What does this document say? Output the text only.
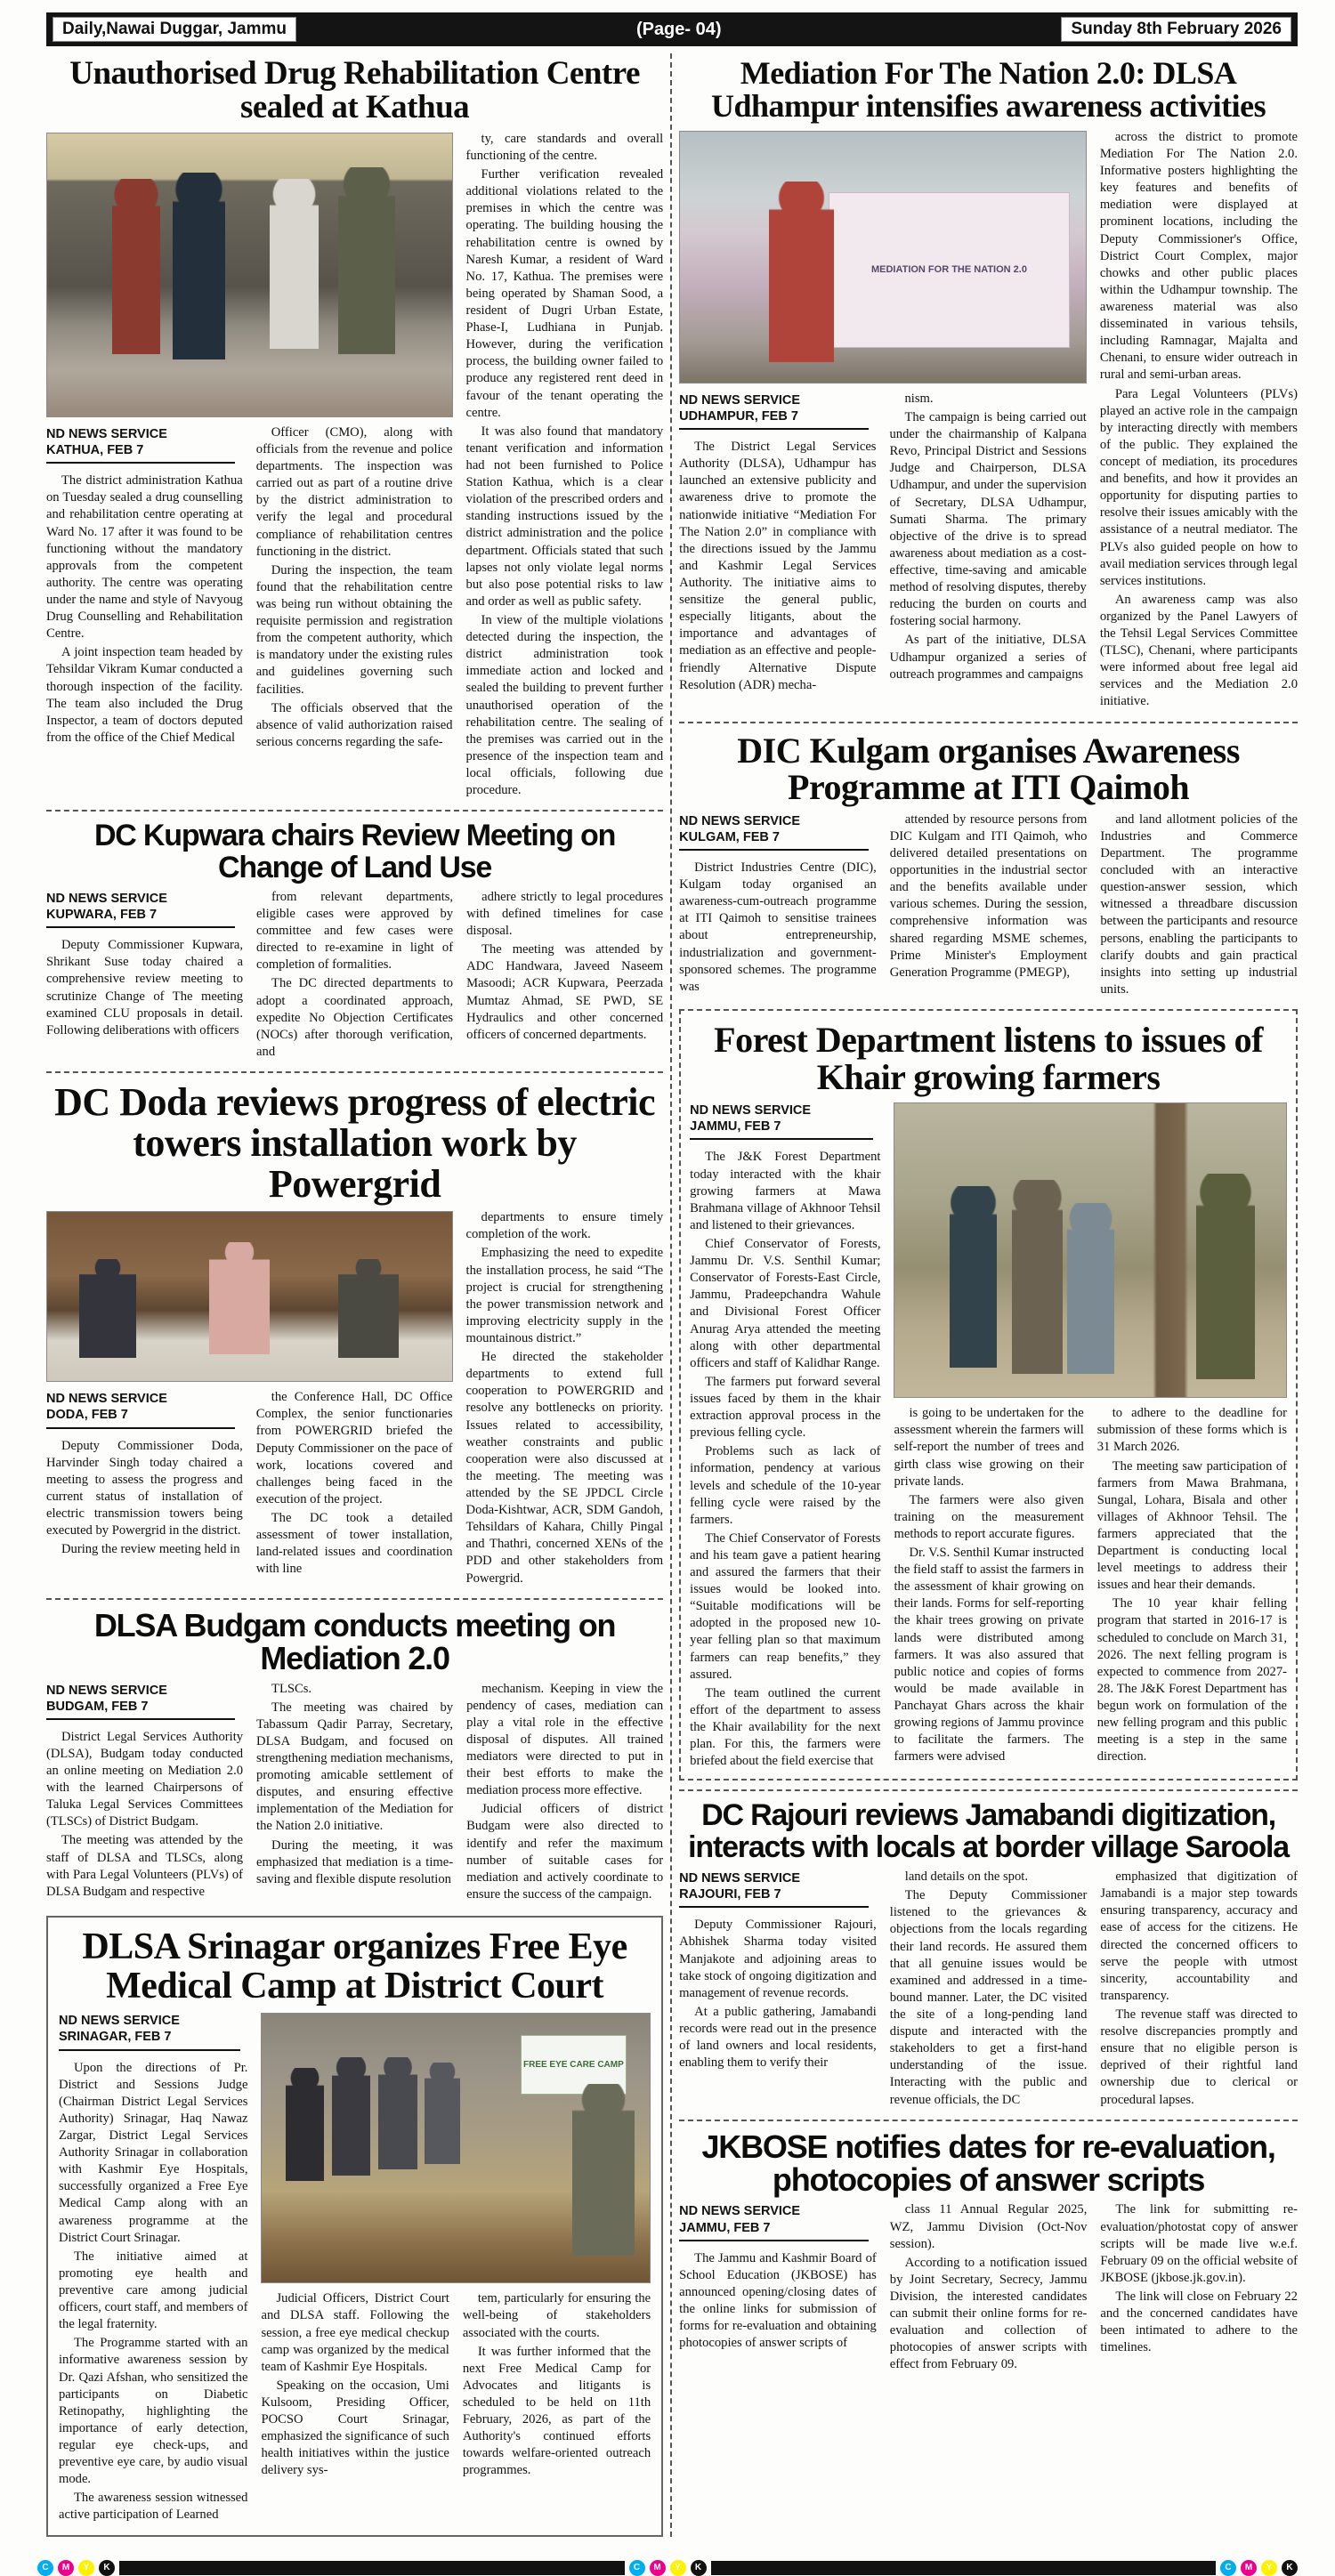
Daily,Nawai Duggar, Jammu	(Page- 04)	Sunday 8th February 2026
Unauthorised Drug Rehabilitation Centre sealed at Kathua
ND NEWS SERVICE
KATHUA, FEB 7

The district administration Kathua on Tuesday sealed a drug counselling and rehabilitation centre operating at Ward No. 17 after it was found to be functioning without the mandatory approvals from the competent authority. The centre was operating under the name and style of Navyoug Drug Counselling and Rehabilitation Centre.

A joint inspection team headed by Tehsildar Vikram Kumar conducted a thorough inspection of the facility. The team also included the Drug Inspector, a team of doctors deputed from the office of the Chief Medical

Officer (CMO), along with officials from the revenue and police departments. The inspection was carried out as part of a routine drive by the district administration to verify the legal and procedural compliance of rehabilitation centres functioning in the district.

During the inspection, the team found that the rehabilitation centre was being run without obtaining the requisite permission and registration from the competent authority, which is mandatory under the existing rules and guidelines governing such facilities.

The officials observed that the absence of valid authorization raised serious concerns regarding the safe-

ty, care standards and overall functioning of the centre.

Further verification revealed additional violations related to the premises in which the centre was operating. The building housing the rehabilitation centre is owned by Naresh Kumar, a resident of Ward No. 17, Kathua. The premises were being operated by Shaman Sood, a resident of Dugri Urban Estate, Phase-I, Ludhiana in Punjab. However, during the verification process, the building owner failed to produce any registered rent deed in favour of the tenant operating the centre.

It was also found that mandatory tenant verification and information had not been furnished to Police Station Kathua, which is a clear violation of the prescribed orders and standing instructions issued by the district administration and the police department. Officials stated that such lapses not only violate legal norms but also pose potential risks to law and order as well as public safety.

In view of the multiple violations detected during the inspection, the district administration took immediate action and locked and sealed the building to prevent further unauthorised operation of the rehabilitation centre. The sealing of the premises was carried out in the presence of the inspection team and local officials, following due procedure.

DC Kupwara chairs Review Meeting on Change of Land Use
ND NEWS SERVICE
KUPWARA, FEB 7

Deputy Commissioner Kupwara, Shrikant Suse today chaired a comprehensive review meeting to scrutinize Change of The meeting examined CLU proposals in detail. Following deliberations with officers

from relevant departments, eligible cases were approved by committee and few cases were directed to re-examine in light of completion of formalities.

The DC directed departments to adopt a coordinated approach, expedite No Objection Certificates (NOCs) after thorough verification, and

adhere strictly to legal procedures with defined timelines for case disposal.

The meeting was attended by ADC Handwara, Javeed Naseem Masoodi; ACR Kupwara, Peerzada Mumtaz Ahmad, SE PWD, SE Hydraulics and other concerned officers of concerned departments.

DC Doda reviews progress of electric towers installation work by Powergrid
ND NEWS SERVICE
DODA, FEB 7

Deputy Commissioner Doda, Harvinder Singh today chaired a meeting to assess the progress and current status of installation of electric transmission towers being executed by Powergrid in the district.

During the review meeting held in

the Conference Hall, DC Office Complex, the senior functionaries from POWERGRID briefed the Deputy Commissioner on the pace of work, locations covered and challenges being faced in the execution of the project.

The DC took a detailed assessment of tower installation, land-related issues and coordination with line

departments to ensure timely completion of the work.

Emphasizing the need to expedite the installation process, he said “The project is crucial for strengthening the power transmission network and improving electricity supply in the mountainous district.”

He directed the stakeholder departments to extend full cooperation to POWERGRID and resolve any bottlenecks on priority. Issues related to accessibility, weather constraints and public cooperation were also discussed at the meeting. The meeting was attended by the SE JPDCL Circle Doda-Kishtwar, ACR, SDM Gandoh, Tehsildars of Kahara, Chilly Pingal and Thathri, concerned XENs of the PDD and other stakeholders from Powergrid.

DLSA Budgam conducts meeting on Mediation 2.0
ND NEWS SERVICE
BUDGAM, FEB 7

District Legal Services Authority (DLSA), Budgam today conducted an online meeting on Mediation 2.0 with the learned Chairpersons of Taluka Legal Services Committees (TLSCs) of District Budgam.

The meeting was attended by the staff of DLSA and TLSCs, along with Para Legal Volunteers (PLVs) of DLSA Budgam and respective

TLSCs.

The meeting was chaired by Tabassum Qadir Parray, Secretary, DLSA Budgam, and focused on strengthening mediation mechanisms, promoting amicable settlement of disputes, and ensuring effective implementation of the Mediation for the Nation 2.0 initiative.

During the meeting, it was emphasized that mediation is a time-saving and flexible dispute resolution

mechanism. Keeping in view the pendency of cases, mediation can play a vital role in the effective disposal of disputes. All trained mediators were directed to put in their best efforts to make the mediation process more effective.

Judicial officers of district Budgam were also directed to identify and refer the maximum number of suitable cases for mediation and actively coordinate to ensure the success of the campaign.

DLSA Srinagar organizes Free Eye Medical Camp at District Court
ND NEWS SERVICE
SRINAGAR, FEB 7

Upon the directions of Pr. District and Sessions Judge (Chairman District Legal Services Authority) Srinagar, Haq Nawaz Zargar, District Legal Services Authority Srinagar in collaboration with Kashmir Eye Hospitals, successfully organized a Free Eye Medical Camp along with an awareness programme at the District Court Srinagar.

The initiative aimed at promoting eye health and preventive care among judicial officers, court staff, and members of the legal fraternity.

The Programme started with an informative awareness session by Dr. Qazi Afshan, who sensitized the participants on Diabetic Retinopathy, highlighting the importance of early detection, regular eye check-ups, and preventive eye care, by audio visual mode.

The awareness session witnessed active participation of Learned

FREE EYE CARE CAMP

Judicial Officers, District Court and DLSA staff. Following the session, a free eye medical checkup camp was organized by the medical team of Kashmir Eye Hospitals.

Speaking on the occasion, Umi Kulsoom, Presiding Officer, POCSO Court Srinagar, emphasized the significance of such health initiatives within the justice delivery sys-

tem, particularly for ensuring the well-being of stakeholders associated with the courts.

It was further informed that the next Free Medical Camp for Advocates and litigants is scheduled to be held on 11th February, 2026, as part of the Authority's continued efforts towards welfare-oriented outreach programmes.

Mediation For The Nation 2.0: DLSA Udhampur intensifies awareness activities
MEDIATION FOR THE NATION 2.0
ND NEWS SERVICE
UDHAMPUR, FEB 7

The District Legal Services Authority (DLSA), Udhampur has launched an extensive publicity and awareness drive to promote the nationwide initiative “Mediation For The Nation 2.0” in compliance with the directions issued by the Jammu and Kashmir Legal Services Authority. The initiative aims to sensitize the general public, especially litigants, about the importance and advantages of mediation as an effective and people-friendly Alternative Dispute Resolution (ADR) mecha-

nism.

The campaign is being carried out under the chairmanship of Kalpana Revo, Principal District and Sessions Judge and Chairperson, DLSA Udhampur, and under the supervision of Secretary, DLSA Udhampur, Sumati Sharma. The primary objective of the drive is to spread awareness about mediation as a cost-effective, time-saving and amicable method of resolving disputes, thereby reducing the burden on courts and fostering social harmony.

As part of the initiative, DLSA Udhampur organized a series of outreach programmes and campaigns

across the district to promote Mediation For The Nation 2.0. Informative posters highlighting the key features and benefits of mediation were displayed at prominent locations, including the Deputy Commissioner's Office, District Court Complex, major chowks and other public places within the Udhampur township. The awareness material was also disseminated in various tehsils, including Ramnagar, Majalta and Chenani, to ensure wider outreach in rural and semi-urban areas.

Para Legal Volunteers (PLVs) played an active role in the campaign by interacting directly with members of the public. They explained the concept of mediation, its procedures and benefits, and how it provides an opportunity for disputing parties to resolve their issues amicably with the assistance of a neutral mediator. The PLVs also guided people on how to avail mediation services through legal services institutions.

An awareness camp was also organized by the Panel Lawyers of the Tehsil Legal Services Committee (TLSC), Chenani, where participants were informed about free legal aid services and the Mediation 2.0 initiative.

DIC Kulgam organises Awareness Programme at ITI Qaimoh
ND NEWS SERVICE
KULGAM, FEB 7

District Industries Centre (DIC), Kulgam today organised an awareness-cum-outreach programme at ITI Qaimoh to sensitise trainees about entrepreneurship, industrialization and government-sponsored schemes. The programme was

attended by resource persons from DIC Kulgam and ITI Qaimoh, who delivered detailed presentations on opportunities in the industrial sector and the benefits available under various schemes. During the session, comprehensive information was shared regarding MSME schemes, Prime Minister's Employment Generation Programme (PMEGP),

and land allotment policies of the Industries and Commerce Department. The programme concluded with an interactive question-answer session, which witnessed a threadbare discussion between the participants and resource persons, enabling the participants to clarify doubts and gain practical insights into setting up industrial units.

Forest Department listens to issues of Khair growing farmers
ND NEWS SERVICE
JAMMU, FEB 7

The J&K Forest Department today interacted with the khair growing farmers at Mawa Brahmana village of Akhnoor Tehsil and listened to their grievances.

Chief Conservator of Forests, Jammu Dr. V.S. Senthil Kumar; Conservator of Forests-East Circle, Jammu, Pradeepchandra Wahule and Divisional Forest Officer Anurag Arya attended the meeting along with other departmental officers and staff of Kalidhar Range.

The farmers put forward several issues faced by them in the khair extraction approval process in the previous felling cycle.

Problems such as lack of information, pendency at various levels and schedule of the 10-year felling cycle were raised by the farmers.

The Chief Conservator of Forests and his team gave a patient hearing and assured the farmers that their issues would be looked into. “Suitable modifications will be adopted in the proposed new 10-year felling plan so that maximum farmers can reap benefits,” they assured.

The team outlined the current effort of the department to assess the Khair availability for the next plan. For this, the farmers were briefed about the field exercise that

is going to be undertaken for the assessment wherein the farmers will self-report the number of trees and girth class wise growing on their private lands.

The farmers were also given training on the measurement methods to report accurate figures.

Dr. V.S. Senthil Kumar instructed the field staff to assist the farmers in the assessment of khair growing on their lands. Forms for self-reporting the khair trees growing on private lands were distributed among farmers. It was also assured that public notice and copies of forms would be made available in Panchayat Ghars across the khair growing regions of Jammu province to facilitate the farmers. The farmers were advised

to adhere to the deadline for submission of these forms which is 31 March 2026.

The meeting saw participation of farmers from Mawa Brahmana, Sungal, Lohara, Bisala and other villages of Akhnoor Tehsil. The farmers appreciated that the Department is conducting local level meetings to address their issues and hear their demands.

The 10 year khair felling program that started in 2016-17 is scheduled to conclude on March 31, 2026. The next felling program is expected to commence from 2027-28. The J&K Forest Department has begun work on formulation of the new felling program and this public meeting is a step in the same direction.

DC Rajouri reviews Jamabandi digitization, interacts with locals at border village Saroola
ND NEWS SERVICE
RAJOURI, FEB 7

Deputy Commissioner Rajouri, Abhishek Sharma today visited Manjakote and adjoining areas to take stock of ongoing digitization and management of revenue records.

At a public gathering, Jamabandi records were read out in the presence of land owners and local residents, enabling them to verify their

land details on the spot.

The Deputy Commissioner listened to the grievances & objections from the locals regarding their land records. He assured them that all genuine issues would be examined and addressed in a time-bound manner. Later, the DC visited the site of a long-pending land dispute and interacted with the stakeholders to get a first-hand understanding of the issue. Interacting with the public and revenue officials, the DC

emphasized that digitization of Jamabandi is a major step towards ensuring transparency, accuracy and ease of access for the citizens. He directed the concerned officers to serve the people with utmost sincerity, accountability and transparency.

The revenue staff was directed to resolve discrepancies promptly and ensure that no eligible person is deprived of their rightful land ownership due to clerical or procedural lapses.

JKBOSE notifies dates for re-evaluation, photocopies of answer scripts
ND NEWS SERVICE
JAMMU, FEB 7

The Jammu and Kashmir Board of School Education (JKBOSE) has announced opening/closing dates of the online links for submission of forms for re-evaluation and obtaining photocopies of answer scripts of

class 11 Annual Regular 2025, WZ, Jammu Division (Oct-Nov session).

According to a notification issued by Joint Secretary, Secrecy, Jammu Division, the interested candidates can submit their online forms for re-evaluation and collection of photocopies of answer scripts with effect from February 09.

The link for submitting re-evaluation/photostat copy of answer scripts will be made live w.e.f. February 09 on the official website of JKBOSE (jkbose.jk.gov.in).

The link will close on February 22 and the concerned candidates have been intimated to adhere to the timelines.

C	M	Y	K	C	M	Y	K	C	M	Y	K
